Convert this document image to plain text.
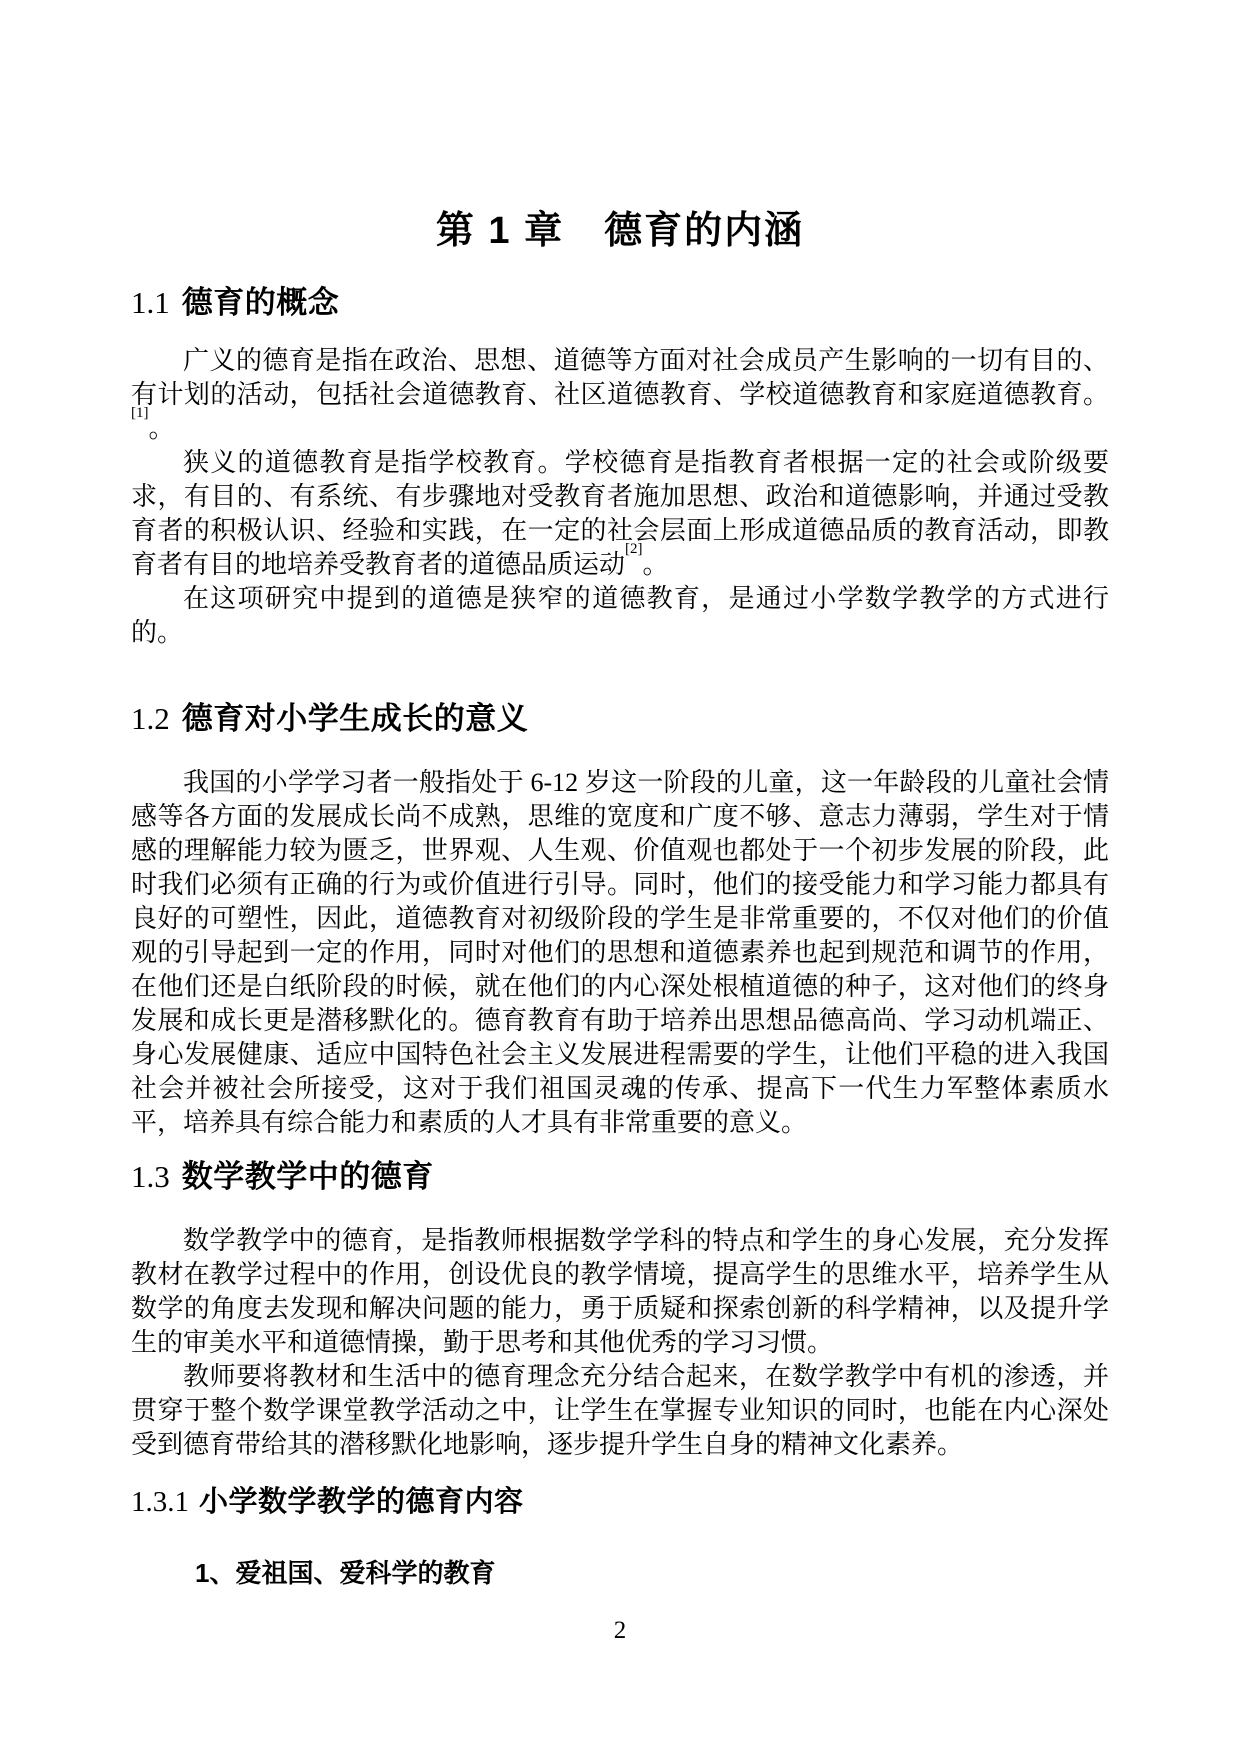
第 1 章　德育的内涵
1.1 德育的概念

广义的德育是指在政治、思想、道德等方面对社会成员产生影响的一切有目的、有计划的活动，包括社会道德教育、社区道德教育、学校道德教育和家庭道德教育。[1]。

狭义的道德教育是指学校教育。学校德育是指教育者根据一定的社会或阶级要求，有目的、有系统、有步骤地对受教育者施加思想、政治和道德影响，并通过受教育者的积极认识、经验和实践，在一定的社会层面上形成道德品质的教育活动，即教育者有目的地培养受教育者的道德品质运动[2]。

在这项研究中提到的道德是狭窄的道德教育，是通过小学数学教学的方式进行的。

1.2 德育对小学生成长的意义

我国的小学学习者一般指处于 6-12 岁这一阶段的儿童，这一年龄段的儿童社会情感等各方面的发展成长尚不成熟，思维的宽度和广度不够、意志力薄弱，学生对于情感的理解能力较为匮乏，世界观、人生观、价值观也都处于一个初步发展的阶段，此时我们必须有正确的行为或价值进行引导。同时，他们的接受能力和学习能力都具有良好的可塑性，因此，道德教育对初级阶段的学生是非常重要的，不仅对他们的价值观的引导起到一定的作用，同时对他们的思想和道德素养也起到规范和调节的作用，在他们还是白纸阶段的时候，就在他们的内心深处根植道德的种子，这对他们的终身发展和成长更是潜移默化的。德育教育有助于培养出思想品德高尚、学习动机端正、身心发展健康、适应中国特色社会主义发展进程需要的学生，让他们平稳的进入我国社会并被社会所接受，这对于我们祖国灵魂的传承、提高下一代生力军整体素质水平，培养具有综合能力和素质的人才具有非常重要的意义。

1.3 数学教学中的德育

数学教学中的德育，是指教师根据数学学科的特点和学生的身心发展，充分发挥教材在教学过程中的作用，创设优良的教学情境，提高学生的思维水平，培养学生从数学的角度去发现和解决问题的能力，勇于质疑和探索创新的科学精神，以及提升学生的审美水平和道德情操，勤于思考和其他优秀的学习习惯。

教师要将教材和生活中的德育理念充分结合起来，在数学教学中有机的渗透，并贯穿于整个数学课堂教学活动之中，让学生在掌握专业知识的同时，也能在内心深处受到德育带给其的潜移默化地影响，逐步提升学生自身的精神文化素养。

1.3.1 小学数学教学的德育内容

1、爱祖国、爱科学的教育

2
